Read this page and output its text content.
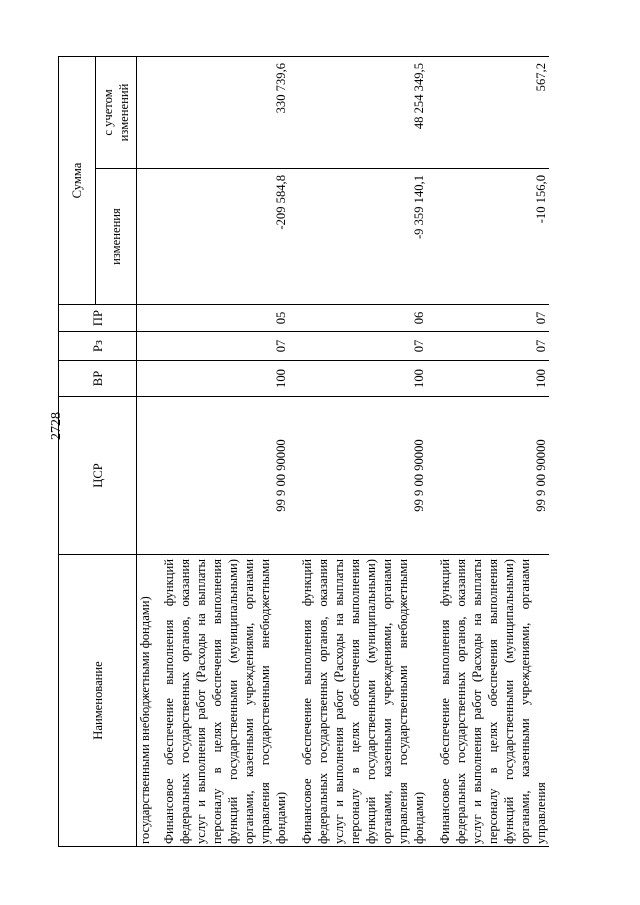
2728
Наименование	ЦСР	ВР	Рз	ПР	Сумма	
					изменения	с учетом изменений
государственными внебюджетными фондами)						
Финансовое обеспечение выполнения функций федеральных государственных органов, оказания услуг и выполнения работ (Расходы на выплаты персоналу в целях обеспечения выполнения функций государственными (муниципальными) органами, казенными учреждениями, органами управления государственными внебюджетными фондами)	99 9 00 90000	100	07	05	-209 584,8	330 739,6
Финансовое обеспечение выполнения функций федеральных государственных органов, оказания услуг и выполнения работ (Расходы на выплаты персоналу в целях обеспечения выполнения функций государственными (муниципальными) органами, казенными учреждениями, органами управления государственными внебюджетными фондами)	99 9 00 90000	100	07	06	-9 359 140,1	48 254 349,5
Финансовое обеспечение выполнения функций федеральных государственных органов, оказания услуг и выполнения работ (Расходы на выплаты персоналу в целях обеспечения выполнения функций государственными (муниципальными) органами, казенными учреждениями, органами управления	99 9 00 90000	100	07	07	-10 156,0	567,2
